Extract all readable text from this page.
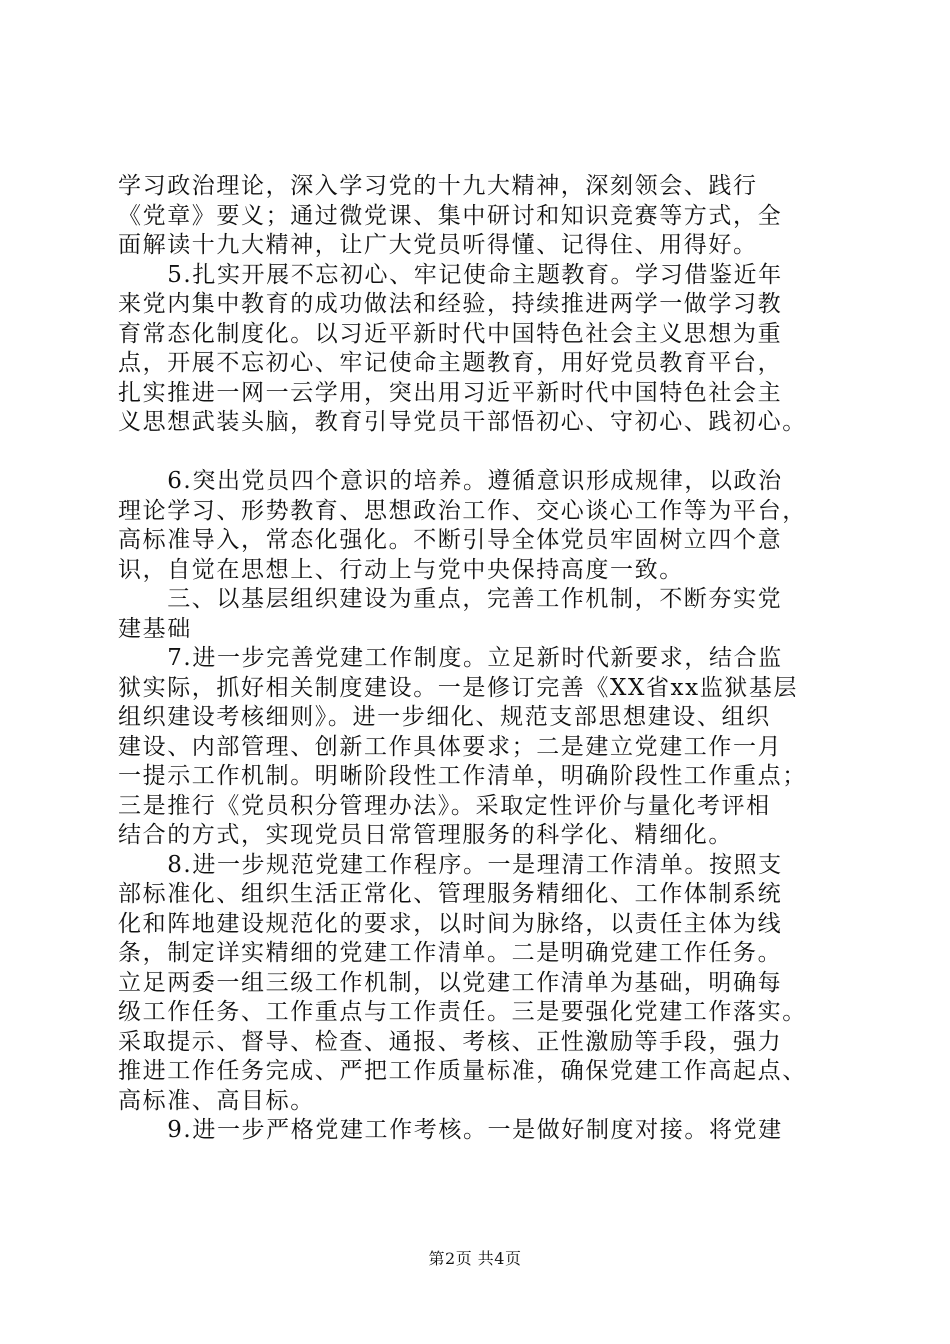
学习政治理论，深入学习党的十九大精神，深刻领会、践行
《党章》要义；通过微党课、集中研讨和知识竞赛等方式，全
面解读十九大精神，让广大党员听得懂、记得住、用得好。
　　5.扎实开展不忘初心、牢记使命主题教育。学习借鉴近年
来党内集中教育的成功做法和经验，持续推进两学一做学习教
育常态化制度化。以习近平新时代中国特色社会主义思想为重
点，开展不忘初心、牢记使命主题教育，用好党员教育平台，
扎实推进一网一云学用，突出用习近平新时代中国特色社会主
义思想武装头脑，教育引导党员干部悟初心、守初心、践初心。
　　6.突出党员四个意识的培养。遵循意识形成规律，以政治
理论学习、形势教育、思想政治工作、交心谈心工作等为平台，
高标准导入，常态化强化。不断引导全体党员牢固树立四个意
识，自觉在思想上、行动上与党中央保持高度一致。
　　三、以基层组织建设为重点，完善工作机制，不断夯实党
建基础
　　7.进一步完善党建工作制度。立足新时代新要求，结合监
狱实际，抓好相关制度建设。一是修订完善《XX省xx监狱基层
组织建设考核细则》。进一步细化、规范支部思想建设、组织
建设、内部管理、创新工作具体要求；二是建立党建工作一月
一提示工作机制。明晰阶段性工作清单，明确阶段性工作重点；
三是推行《党员积分管理办法》。采取定性评价与量化考评相
结合的方式，实现党员日常管理服务的科学化、精细化。
　　8.进一步规范党建工作程序。一是理清工作清单。按照支
部标准化、组织生活正常化、管理服务精细化、工作体制系统
化和阵地建设规范化的要求，以时间为脉络，以责任主体为线
条，制定详实精细的党建工作清单。二是明确党建工作任务。
立足两委一组三级工作机制，以党建工作清单为基础，明确每
级工作任务、工作重点与工作责任。三是要强化党建工作落实。
采取提示、督导、检查、通报、考核、正性激励等手段，强力
推进工作任务完成、严把工作质量标准，确保党建工作高起点、
高标准、高目标。
　　9.进一步严格党建工作考核。一是做好制度对接。将党建
第2页 共4页
